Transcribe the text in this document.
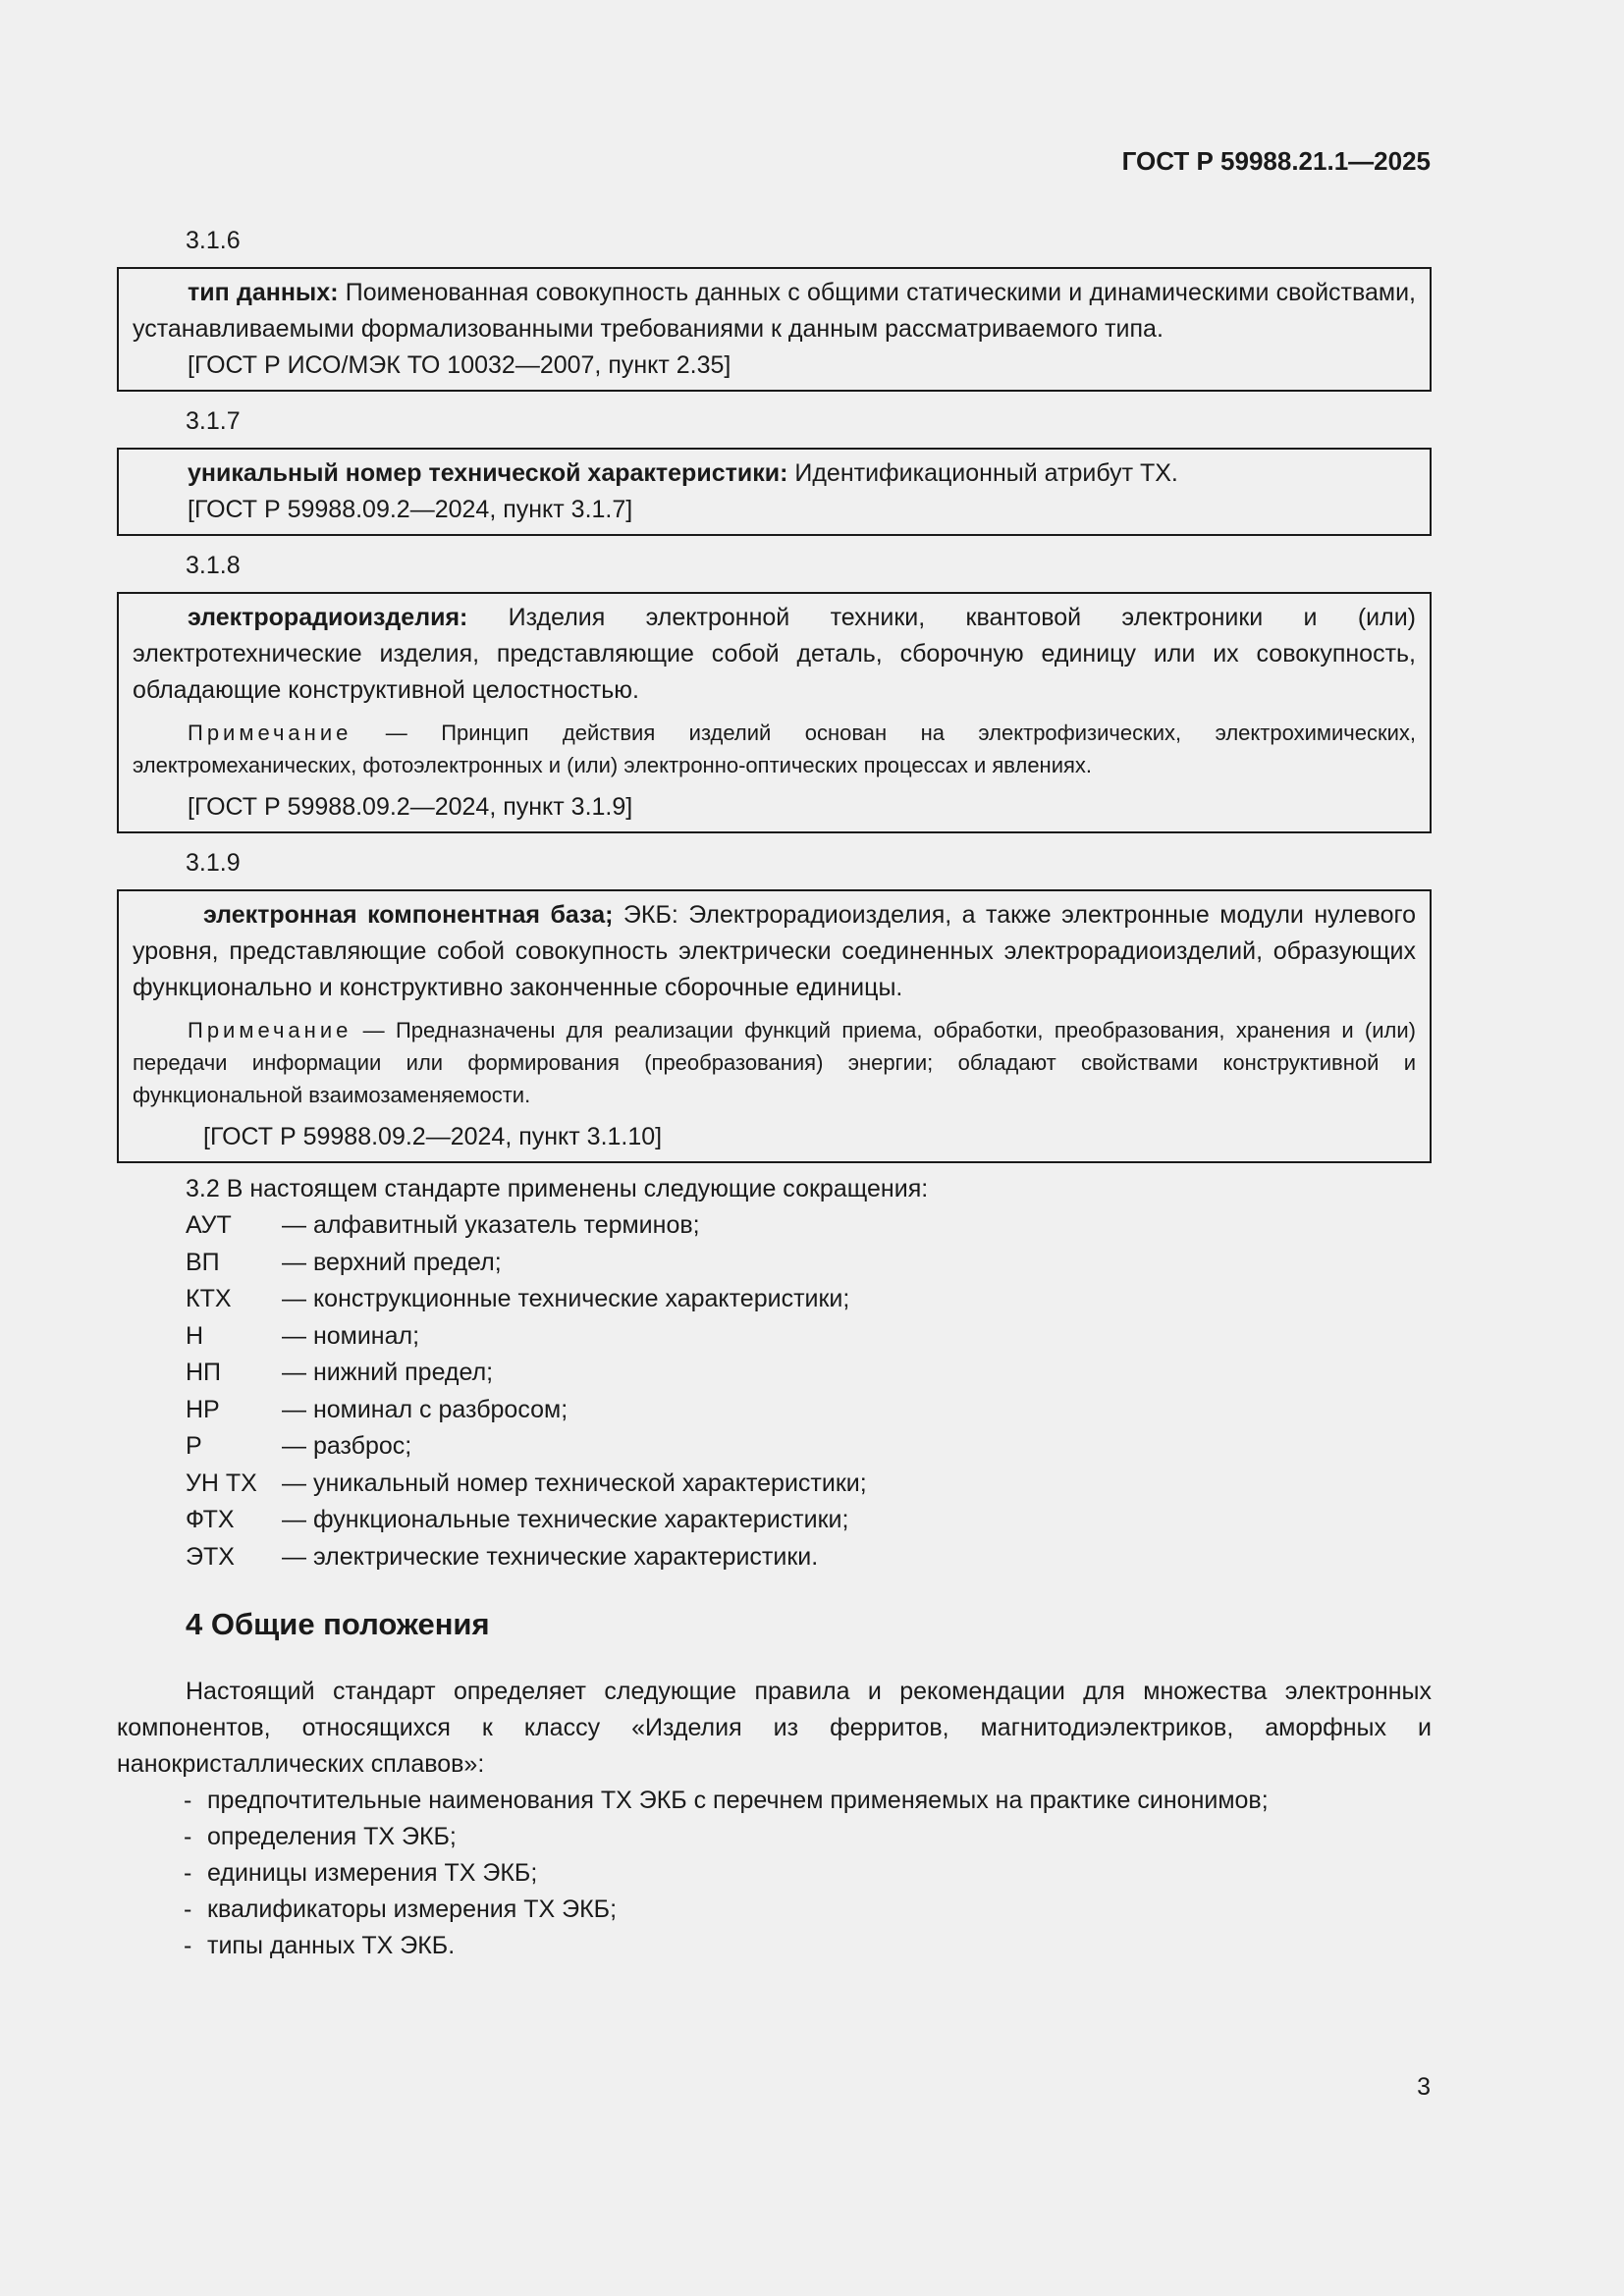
ГОСТ Р 59988.21.1—2025
3.1.6

тип данных: Поименованная совокупность данных с общими статическими и динамическими свойствами, устанавливаемыми формализованными требованиями к данным рассматриваемого типа.

[ГОСТ Р ИСО/МЭК ТО 10032—2007, пункт 2.35]

3.1.7

уникальный номер технической характеристики: Идентификационный атрибут ТХ.

[ГОСТ Р 59988.09.2—2024, пункт 3.1.7]

3.1.8

электрорадиоизделия: Изделия электронной техники, квантовой электроники и (или) электротехнические изделия, представляющие собой деталь, сборочную единицу или их совокупность, обладающие конструктивной целостностью.

Примечание — Принцип действия изделий основан на электрофизических, электрохимических, электромеханических, фотоэлектронных и (или) электронно-оптических процессах и явлениях.

[ГОСТ Р 59988.09.2—2024, пункт 3.1.9]

3.1.9

электронная компонентная база; ЭКБ: Электрорадиоизделия, а также электронные модули нулевого уровня, представляющие собой совокупность электрически соединенных электрорадиоизделий, образующих функционально и конструктивно законченные сборочные единицы.

Примечание — Предназначены для реализации функций приема, обработки, преобразования, хранения и (или) передачи информации или формирования (преобразования) энергии; обладают свойствами конструктивной и функциональной взаимозаменяемости.

[ГОСТ Р 59988.09.2—2024, пункт 3.1.10]

3.2 В настоящем стандарте применены следующие сокращения:
АУТ	— алфавитный указатель терминов;
ВП	— верхний предел;
КТХ	— конструкционные технические характеристики;
Н	— номинал;
НП	— нижний предел;
НР	— номинал с разбросом;
Р	— разброс;
УН ТХ	— уникальный номер технической характеристики;
ФТХ	— функциональные технические характеристики;
ЭТХ	— электрические технические характеристики.
4 Общие положения

Настоящий стандарт определяет следующие правила и рекомендации для множества электронных компонентов, относящихся к классу «Изделия из ферритов, магнитодиэлектриков, аморфных и нанокристаллических сплавов»:

- предпочтительные наименования ТХ ЭКБ с перечнем применяемых на практике синонимов;
- определения ТХ ЭКБ;
- единицы измерения ТХ ЭКБ;
- квалификаторы измерения ТХ ЭКБ;
- типы данных ТХ ЭКБ.
3
